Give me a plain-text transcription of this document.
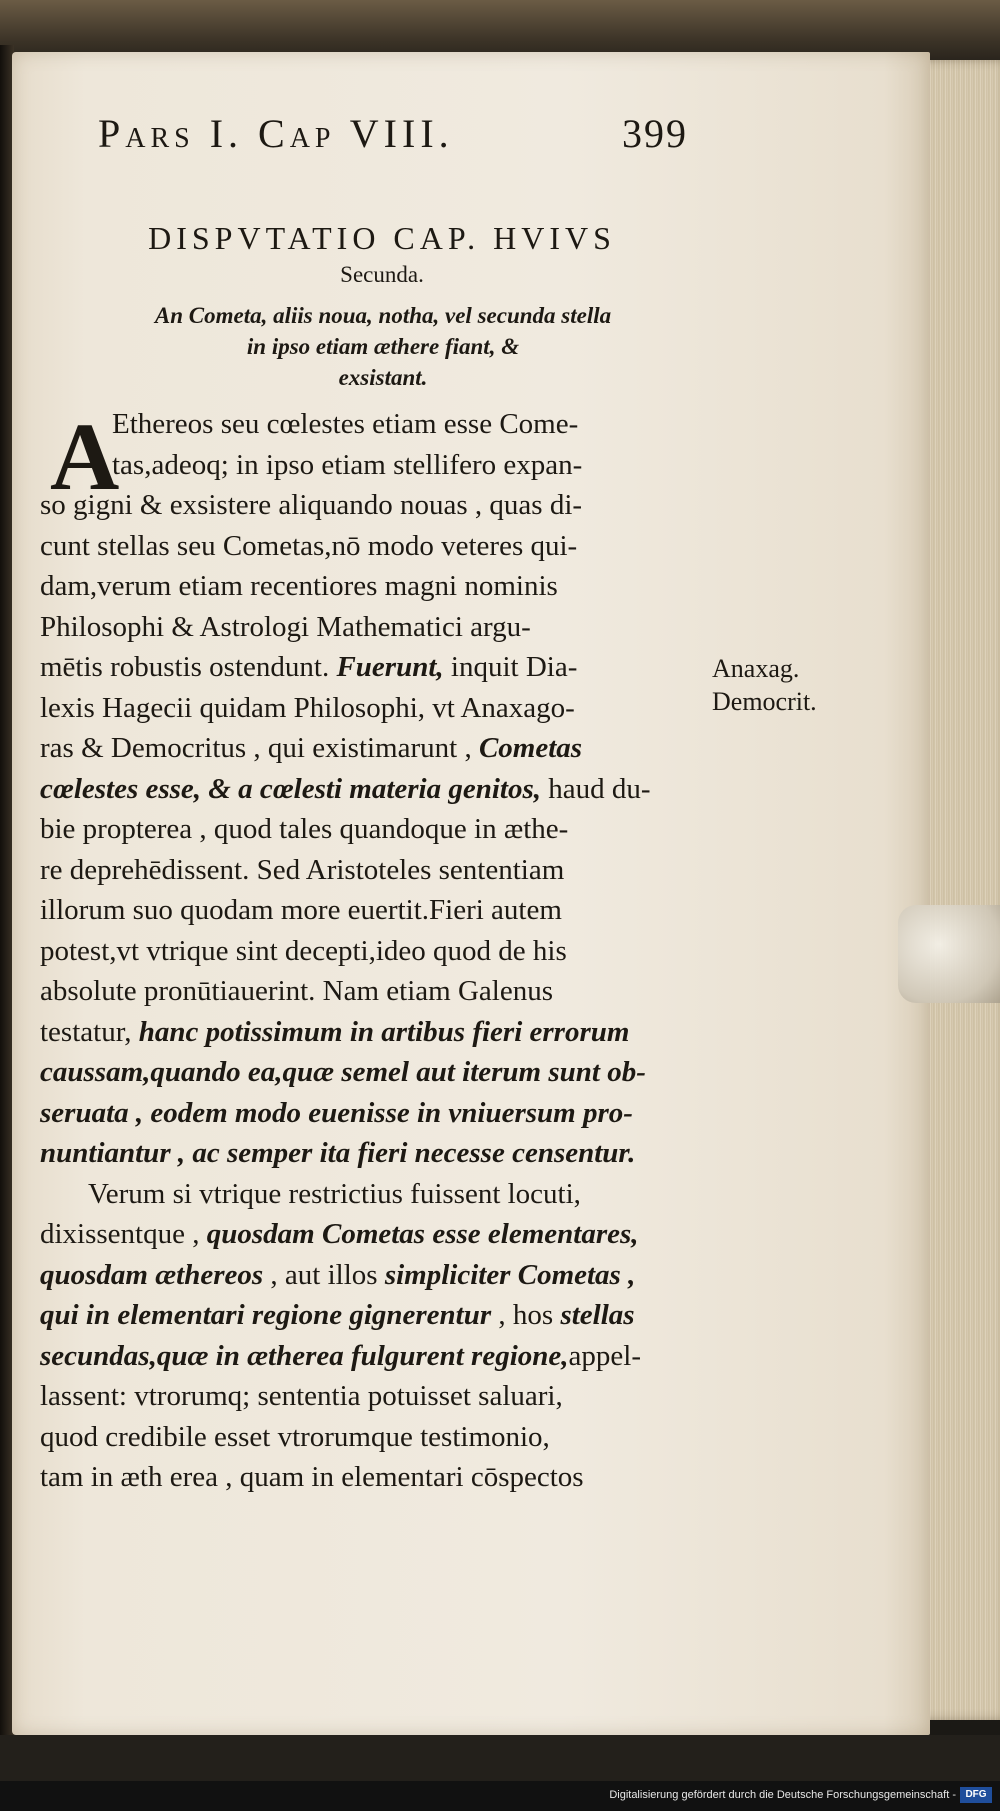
Pars I. Cap VIII.	399
DISPVTATIO CAP. HVIVS
Secunda.
An Cometa, aliis noua, notha, vel secunda stella
in ipso etiam æthere fiant, &
exsistant.
A
Ethereos seu cœlestes etiam esse Come-
tas,adeoq; in ipso etiam stellifero expan-
so gigni & exsistere aliquando nouas , quas di-
cunt stellas seu Cometas,nō modo veteres qui-
dam,verum etiam recentiores magni nominis
Philosophi & Astrologi Mathematici argu-
mētis robustis ostendunt. Fuerunt, inquit Dia-
lexis Hagecii quidam Philosophi, vt Anaxago-
ras & Democritus , qui existimarunt , Cometas
cœlestes esse, & a cœlesti materia genitos, haud du-
bie propterea , quod tales quandoque in æthe-
re deprehēdissent. Sed Aristoteles sententiam
illorum suo quodam more euertit.Fieri autem
potest,vt vtrique sint decepti,ideo quod de his
absolute pronūtiauerint. Nam etiam Galenus
testatur, hanc potissimum in artibus fieri errorum
caussam,quando ea,quæ semel aut iterum sunt ob-
seruata , eodem modo euenisse in vniuersum pro-
nuntiantur , ac semper ita fieri necesse censentur.
Verum si vtrique restrictius fuissent locuti,
dixissentque , quosdam Cometas esse elementares,
quosdam æthereos , aut illos simpliciter Cometas ,
qui in elementari regione gignerentur , hos stellas
secundas,quæ in ætherea fulgurent regione,appel-
lassent: vtrorumq; sententia potuisset saluari,
quod credibile esset vtrorumque testimonio,
tam in æth erea , quam in elementari cōspectos
Anaxag.
Democrit.
Digitalisierung gefördert durch die Deutsche Forschungsgemeinschaft - DFG
